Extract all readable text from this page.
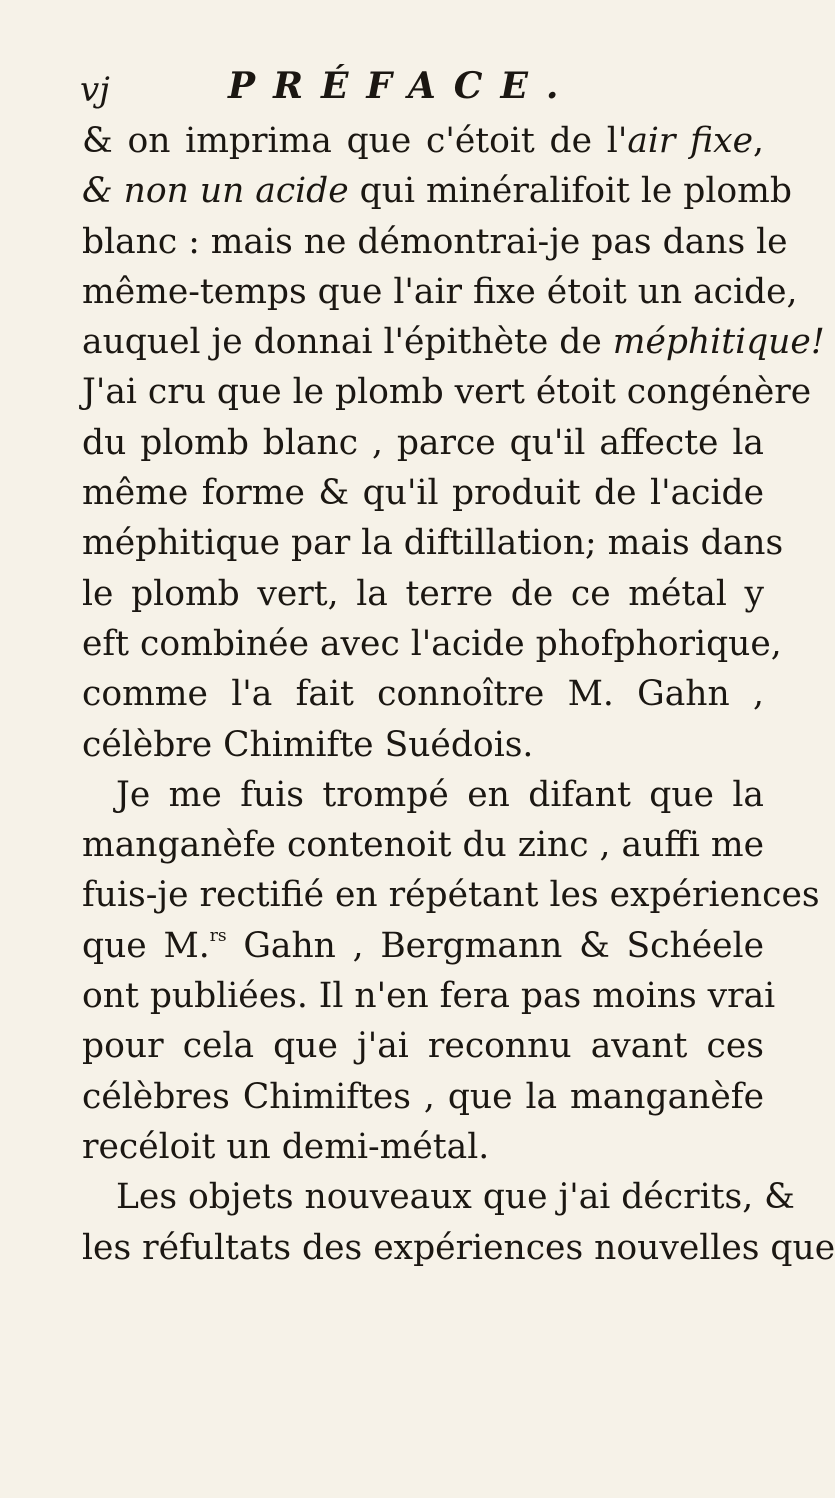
vj	PRÉFACE.
& on imprima que c'étoit de l'air fixe,
& non un acide qui minéralifoit le plomb
blanc : mais ne démontrai-je pas dans le
même-temps que l'air fixe étoit un acide,
auquel je donnai l'épithète de méphitique!
J'ai cru que le plomb vert étoit congénère
du plomb blanc , parce qu'il affecte la
même forme & qu'il produit de l'acide
méphitique par la diftillation; mais dans
le plomb vert, la terre de ce métal y
eft combinée avec l'acide phofphorique,
comme l'a fait connoître M. Gahn ,
célèbre Chimifte Suédois.
Je me fuis trompé en difant que la
manganèfe contenoit du zinc , auffi me
fuis-je rectifié en répétant les expériences
que M.$^{rs}$ Gahn , Bergmann & Schéele
ont publiées. Il n'en fera pas moins vrai
pour cela que j'ai reconnu avant ces
célèbres Chimiftes , que la manganèfe
recéloit un demi-métal.
Les objets nouveaux que j'ai décrits, &
les réfultats des expériences nouvelles que
